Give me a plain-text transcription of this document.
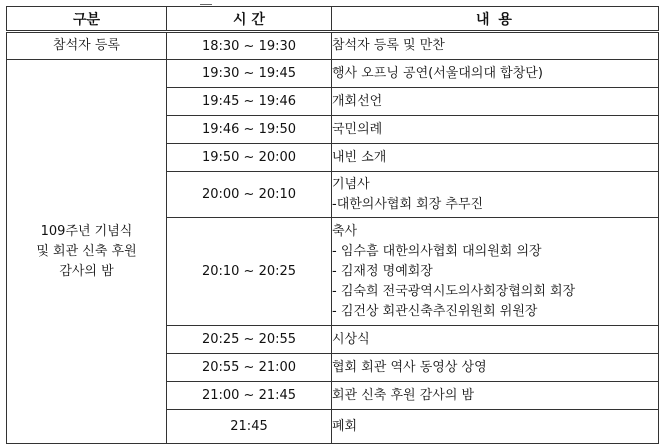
구분	시 간	내 용
참석자 등록	18:30 ~ 19:30	참석자 등록 및 만찬

109주년 기념식
및 회관 신축 후원
감사의 밤	19:30 ~ 19:45	행사 오프닝 공연(서울대의대 합창단)

	19:45 ~ 19:46	개회선언

	19:46 ~ 19:50	국민의례

	19:50 ~ 20:00	내빈 소개

	20:00 ~ 20:10	기념사
-대한의사협회 회장 추무진

	20:10 ~ 20:25	축사
- 임수흠 대한의사협회 대의원회 의장
- 김재정 명예회장
- 김숙희 전국광역시도의사회장협의회 회장
- 김건상 회관신축추진위원회 위원장

	20:25 ~ 20:55	시상식

	20:55 ~ 21:00	협회 회관 역사 동영상 상영

	21:00 ~ 21:45	회관 신축 후원 감사의 밤

	21:45	폐회
